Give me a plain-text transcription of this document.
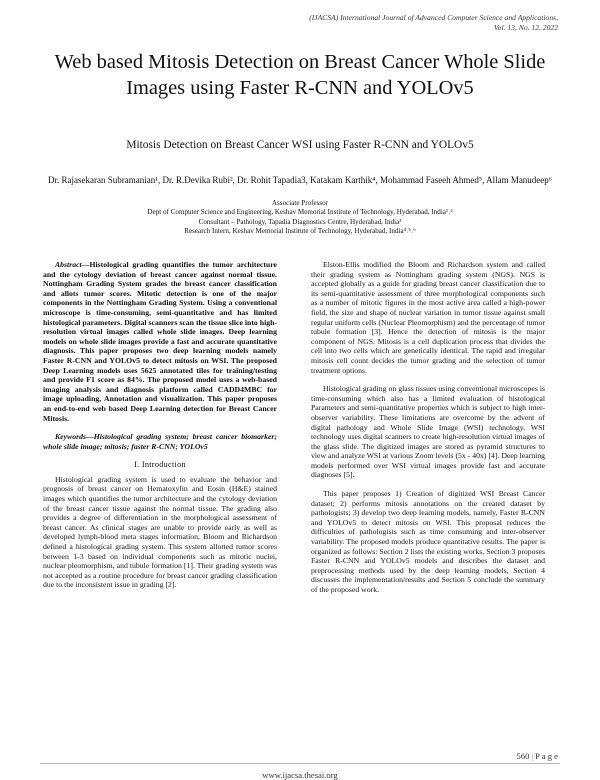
(IJACSA) International Journal of Advanced Computer Science and Applications,
Vol. 13, No. 12, 2022
Web based Mitosis Detection on Breast Cancer Whole Slide Images using Faster R-CNN and YOLOv5
Mitosis Detection on Breast Cancer WSI using Faster R-CNN and YOLOv5
Dr. Rajasekaran Subramanian¹, Dr. R.Devika Rubi², Dr. Rohit Tapadia3, Katakam Karthik⁴, Mohammad Faseeh Ahmed⁵, Allam Manudeep⁶
Associate Professor
Dept of Computer Science and Engineering, Keshav Memorial Institute of Technology, Hyderabad, India¹˒²
Consultant – Pathology, Tapadia Diagnostics Centre, Hyderabad, India³
Research Intern, Keshav Memorial Institute of Technology, Hyderabad, India⁴˒⁵˒⁶

Abstract—Histological grading quantifies the tumor architecture and the cytology deviation of breast cancer against normal tissue. Nottingham Grading System grades the breast cancer classification and allots tumor scores. Mitotic detection is one of the major components in the Nottingham Grading System. Using a conventional microscope is time-consuming, semi-quantitative and has limited histological parameters. Digital scanners scan the tissue slice into high-resolution virtual images called whole slide images. Deep learning models on whole slide images provide a fast and accurate quantitative diagnosis. This paper proposes two deep learning models namely Faster R-CNN and YOLOv5 to detect mitosis on WSI. The proposed Deep Learning models uses 5625 annotated tiles for training/testing and provide F1 score as 84%. The proposed model uses a web-based imaging analysis and diagnosis platform called CADD4MBC for image uploading, Annotation and visualization. This paper proposes an end-to-end web based Deep Learning detection for Breast Cancer Mitosis.

Keywords—Histological grading system; breast cancer biomarker; whole slide image; mitosis; faster R-CNN; YOLOv5

I. Introduction

Histological grading system is used to evaluate the behavior and prognosis of breast cancer on Hematoxylin and Eosin (H&E) stained images which quantifies the tumor architecture and the cytology deviation of the breast cancer tissue against the normal tissue. The grading also provides a degree of differentiation in the morphological assessment of breast cancer. As clinical stages are unable to provide early as well as developed lymph-blood meta stages information, Bloom and Richardson defined a histological grading system. This system allotted tumor scores between 1-3 based on individual components such as mitotic nuclei, nuclear pleomorphism, and tubule formation [1]. Their grading system was not accepted as a routine procedure for breast cancer grading classification due to the inconsistent issue in grading [2].

Elston-Ellis modified the Bloom and Richardson system and called their grading system as Nottingham grading system (NGS). NGS is accepted globally as a guide for grading breast cancer classification due to its semi-quantitative assessment of three morphological components such as a number of mitotic figures in the most active area called a high-power field, the size and shape of nuclear variation in tumor tissue against small regular uniform cells (Nuclear Pleomorphism) and the percentage of tumor tubule formation [3]. Hence the detection of mitosis is the major component of NGS. Mitosis is a cell duplication process that divides the cell into two cells which are genetically identical. The rapid and irregular mitosis cell count decides the tumor grading and the selection of tumor treatment options.

Histological grading on glass tissues using conventional microscopes is time-consuming which also has a limited evaluation of histological Parameters and semi-quantitative properties which is subject to high inter-observer variability. These limitations are overcome by the advent of digital pathology and Whole Slide Image (WSI) technology. WSI technology uses digital scanners to create high-resolution virtual images of the glass slide. The digitized images are stored as pyramid structures to view and analyze WSI at various Zoom levels (5x - 40x) [4]. Deep learning models performed over WSI virtual images provide fast and accurate diagnoses [5].

This paper proposes 1) Creation of digitized WSI Breast Cancer dataset; 2) performs mitosis annotations on the created dataset by pathologists; 3) develop two deep learning models, namely, Faster R-CNN and YOLOv5 to detect mitosis on WSI. This proposal reduces the difficulties of pathologists such as time consuming and inter-observer variability. The proposed models produce quantitative results. The paper is organized as follows: Section 2 lists the existing works, Section 3 proposes Faster R-CNN and YOLOv5 models and describes the dataset and preprocessing methods used by the deep learning models, Section 4 discusses the implementation/results and Section 5 conclude the summary of the proposed work.

560 | P a g e
www.ijacsa.thesai.org
